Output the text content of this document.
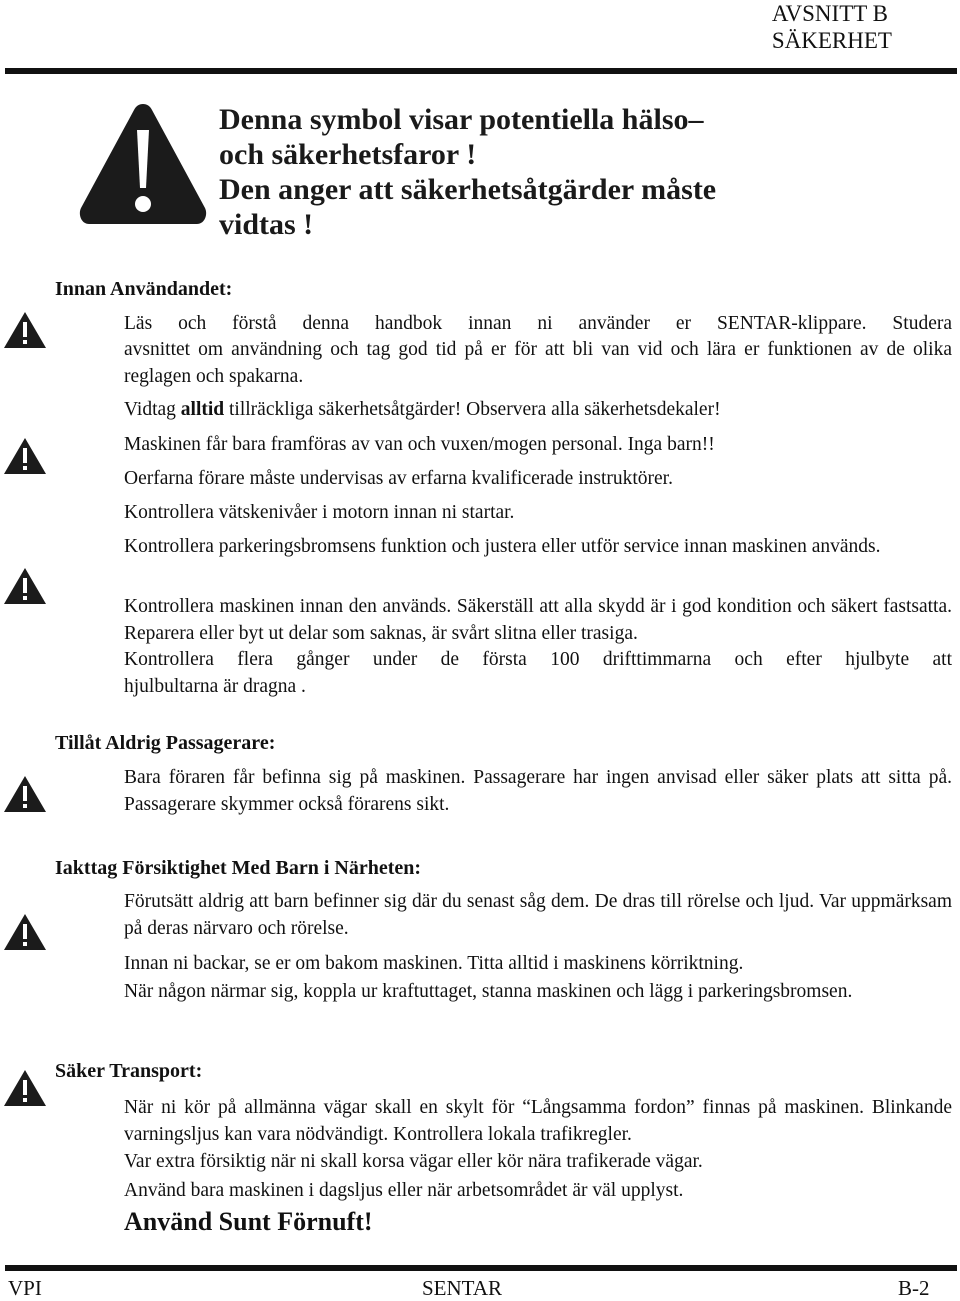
AVSNITT B
SÄKERHET
Denna symbol visar potentiella hälso–
och säkerhetsfaror !
Den anger att säkerhetsåtgärder måste
vidtas !
Innan Användandet:
Läs och förstå denna handbok innan ni använder er SENTAR-klippare. Studera
avsnittet om användning och tag god tid på er för att bli van vid och lära er funktionen av de olika reglagen och spakarna.
Vidtag alltid tillräckliga säkerhetsåtgärder! Observera alla säkerhetsdekaler!
Maskinen får bara framföras av van och vuxen/mogen personal. Inga barn!!
Oerfarna förare måste undervisas av erfarna kvalificerade instruktörer.
Kontrollera vätskenivåer i motorn innan ni startar.
Kontrollera parkeringsbromsens funktion och justera eller utför service innan maskinen används.
Kontrollera maskinen innan den används. Säkerställ att alla skydd är i god kondition och säkert fastsatta. Reparera eller byt ut delar som saknas, är svårt slitna eller trasiga.
Kontrollera flera gånger under de första 100 drifttimmarna och efter hjulbyte att
hjulbultarna är dragna .
Tillåt Aldrig Passagerare:
Bara föraren får befinna sig på maskinen. Passagerare har ingen anvisad eller säker plats att sitta på. Passagerare skymmer också förarens sikt.
Iakttag Försiktighet Med Barn i Närheten:
Förutsätt aldrig att barn befinner sig där du senast såg dem. De dras till rörelse och ljud. Var uppmärksam på deras närvaro och rörelse.
Innan ni backar, se er om bakom maskinen. Titta alltid i maskinens körriktning.
När någon närmar sig, koppla ur kraftuttaget, stanna maskinen och lägg i parkeringsbromsen.
Säker Transport:
När ni kör på allmänna vägar skall en skylt för “Långsamma fordon” finnas på maskinen. Blinkande varningsljus kan vara nödvändigt. Kontrollera lokala trafikregler.
Var extra försiktig när ni skall korsa vägar eller kör nära trafikerade vägar.
Använd bara maskinen i dagsljus eller när arbetsområdet är väl upplyst.
Använd Sunt Förnuft!
VPI	SENTAR	B-2
